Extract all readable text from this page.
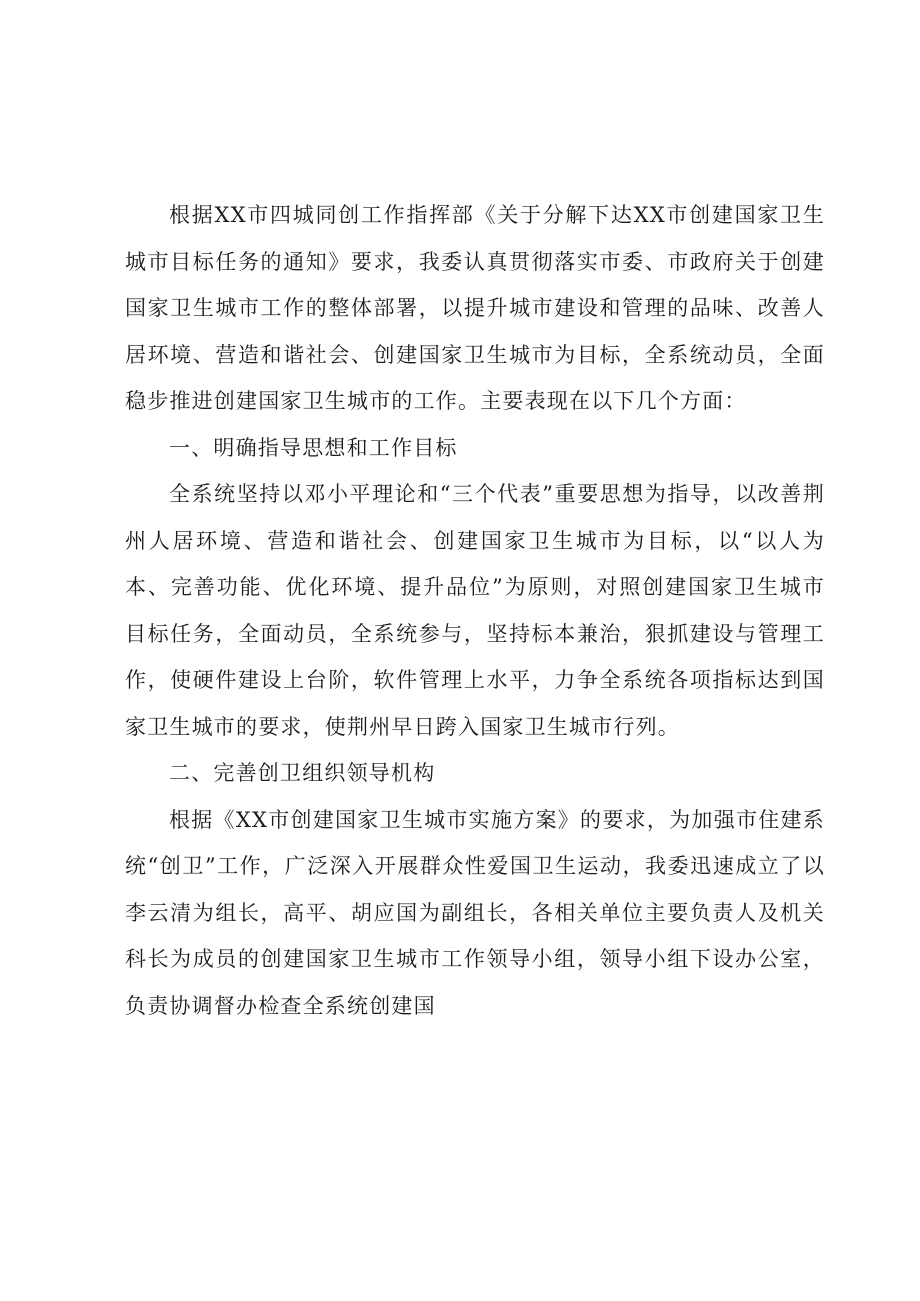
根据XX市四城同创工作指挥部《关于分解下达XX市创建国家卫生城市目标任务的通知》要求，我委认真贯彻落实市委、市政府关于创建国家卫生城市工作的整体部署，以提升城市建设和管理的品味、改善人居环境、营造和谐社会、创建国家卫生城市为目标，全系统动员，全面稳步推进创建国家卫生城市的工作。主要表现在以下几个方面：

一、明确指导思想和工作目标

全系统坚持以邓小平理论和“三个代表”重要思想为指导，以改善荆州人居环境、营造和谐社会、创建国家卫生城市为目标，以“以人为本、完善功能、优化环境、提升品位”为原则，对照创建国家卫生城市目标任务，全面动员，全系统参与，坚持标本兼治，狠抓建设与管理工作，使硬件建设上台阶，软件管理上水平，力争全系统各项指标达到国家卫生城市的要求，使荆州早日跨入国家卫生城市行列。

二、完善创卫组织领导机构

根据《XX市创建国家卫生城市实施方案》的要求，为加强市住建系统“创卫”工作，广泛深入开展群众性爱国卫生运动，我委迅速成立了以李云清为组长，高平、胡应国为副组长，各相关单位主要负责人及机关科长为成员的创建国家卫生城市工作领导小组，领导小组下设办公室，负责协调督办检查全系统创建国
